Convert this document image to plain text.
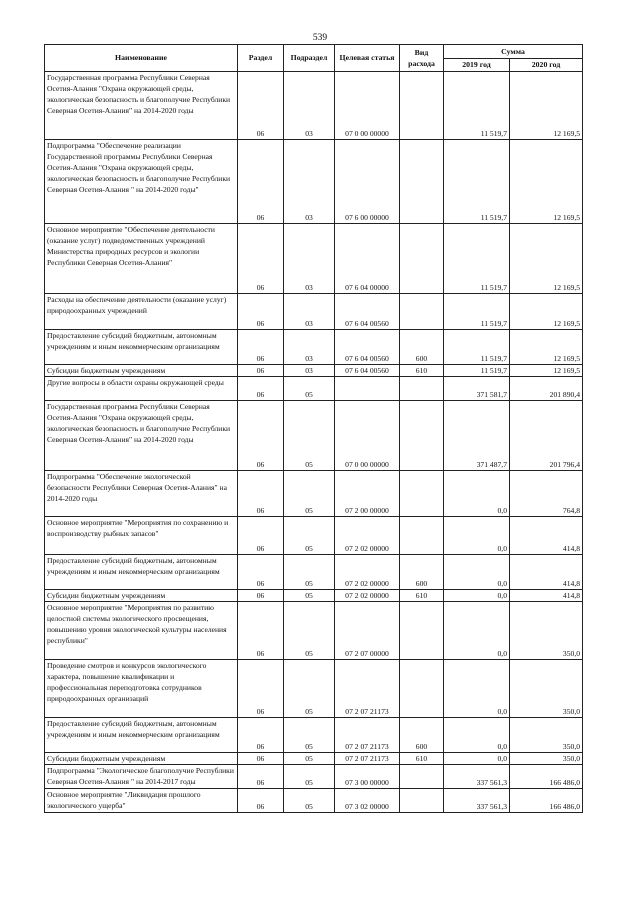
539
Наименование	Раздел	Подраздел	Целевая статья	Вид расхода	Сумма	
					2019 год	2020 год
Государственная программа Республики Северная Осетия-Алания "Охрана окружающей среды, экологическая безопасность и благополучие Республики Северная Осетия-Алания" на 2014-2020 годы	06	03	07 0 00 00000		11 519,7	12 169,5
Подпрограмма "Обеспечение реализации Государственной программы Республики Северная Осетия-Алания "Охрана окружающей среды, экологическая безопасность и благополучие Республики Северная Осетия-Алания " на 2014-2020 годы"	06	03	07 6 00 00000		11 519,7	12 169,5
Основное мероприятие "Обеспечение деятельности (оказание услуг) подведомственных учреждений Министерства природных ресурсов и экологии Республики Северная Осетия-Алания"	06	03	07 6 04 00000		11 519,7	12 169,5
Расходы на обеспечение деятельности (оказание услуг) природоохранных учреждений	06	03	07 6 04 00560		11 519,7	12 169,5
Предоставление субсидий бюджетным, автономным учреждениям и иным некоммерческим организациям	06	03	07 6 04 00560	600	11 519,7	12 169,5
Субсидии бюджетным учреждениям	06	03	07 6 04 00560	610	11 519,7	12 169,5
Другие вопросы в области охраны окружающей среды	06	05			371 581,7	201 890,4
Государственная программа Республики Северная Осетия-Алания "Охрана окружающей среды, экологическая безопасность и благополучие Республики Северная Осетия-Алания" на 2014-2020 годы	06	05	07 0 00 00000		371 487,7	201 796,4
Подпрограмма "Обеспечение экологической безопасности Республики Северная Осетия-Алания" на 2014-2020 годы	06	05	07 2 00 00000		0,0	764,8
Основное мероприятие "Мероприятия по сохранению и воспроизводству рыбных запасов"	06	05	07 2 02 00000		0,0	414,8
Предоставление субсидий бюджетным, автономным учреждениям и иным некоммерческим организациям	06	05	07 2 02 00000	600	0,0	414,8
Субсидии бюджетным учреждениям	06	05	07 2 02 00000	610	0,0	414,8
Основное мероприятие "Мероприятия по развитию целостной системы экологического просвещения, повышению уровня экологической культуры населения республики"	06	05	07 2 07 00000		0,0	350,0
Проведение смотров и конкурсов экологического характера, повышение квалификации и профессиональная переподготовка сотрудников природоохранных организаций	06	05	07 2 07 21173		0,0	350,0
Предоставление субсидий бюджетным, автономным учреждениям и иным некоммерческим организациям	06	05	07 2 07 21173	600	0,0	350,0
Субсидии бюджетным учреждениям	06	05	07 2 07 21173	610	0,0	350,0
Подпрограмма "Экологическое благополучие Республики Северная Осетия-Алания " на 2014-2017 годы	06	05	07 3 00 00000		337 561,3	166 486,0
Основное мероприятие "Ликвидация прошлого экологического ущерба"	06	05	07 3 02 00000		337 561,3	166 486,0
